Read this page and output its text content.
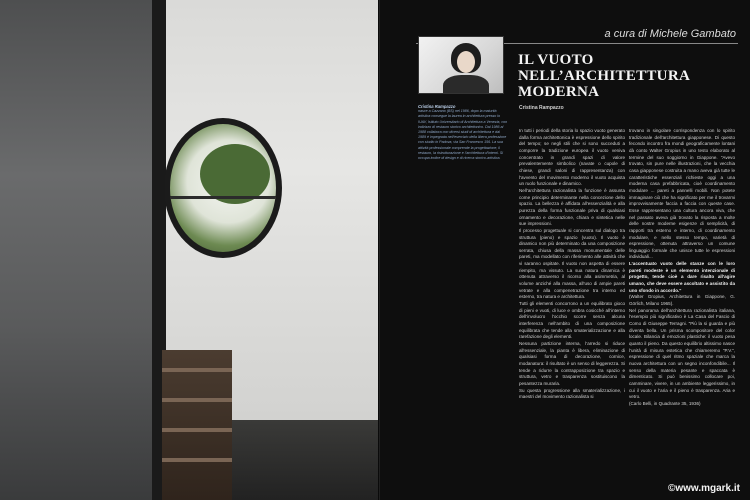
a cura di Michele Gambato
Cristina Rampazzo
nasce a Cazzano (BS) nel 1986, dopo la maturità artistica consegue la laurea in architettura presso lo IUAV, Istituto Universitario di Architettura a Venezia, con indirizzo di restauro storico architettonico. Dal 1986 al 1988 collabora con diversi studi di architettura e dal 1989 è impegnata nell’esercizio della libera professione con studio in Padova, via San Francesco 156. La sua attività professionale comprende la progettazione, il restauro, la ristrutturazione e l’architettura d’interni. Si occupa inoltre di design e di ricerca storico-artistica.
IL VUOTO
NELL’ARCHITETTURA
MODERNA
Cristina Rampazzo

In tutti i periodi della storia lo spazio vuoto generato dalla forma architettonica è espressione dello spirito del tempo; se negli stili che si sono succeduti a comporre la tradizione europea il vuoto veniva concentrato in grandi spazi di valore prevalentemente simbolico (navate o cupole di chiese, grandi saloni di rappresentanza) con l’avvento del movimento moderno il vuoto acquista un ruolo funzionale e dinamico.

Nell’architettura razionalista la funzione è assunta come principio determinante nella concezione dello spazio. La bellezza è affidata all’essenzialità e alla purezza della forma funzionale priva di qualsiasi ornamento e decorazione, chiara e sintetica nelle sue impressioni.

Il processo progettuale si concentra sul dialogo tra struttura (pieno) e spazio (vuoto). Il vuoto è dinamico non più determinato da una composizione serrata, chiusa della massa monumentale delle pareti, ma modellato con riferimento alle attività che vi saranno ospitate. Il vuoto non aspetta di essere riempito, ma vissuto. La sua natura dinamica è ottenuta attraverso il ricorso alla asimmetria, al volume anziché alla massa, all’uso di ampie pareti vetrate e alla compenetrazione tra interno ed esterno, tra natura e architettura.

Tutti gli elementi concorrono a un equilibrato gioco di pieni e vuoti, di luce e ombra cosicché all’interno dell’involucro l’occhio scorre senza alcuna interferenza nell’ambito di una composizione equilibrata che tende alla smaterializzazione e alla rarefazione degli elementi.

Nessuna partizione interna, l’arredo si riduce all’essenziale, la pianta è libera, eliminazione di qualsiasi forma di decorazione, cornice, modanatura: il risultato è un senso di leggerezza. Si tende a ridurre la contrapposizione tra spazio e struttura, vetro e trasparenza sostituiscono la pesantezza muraria.

Su questa progressione alla smaterializzazione, i maestri del movimento razionalista si

trovano in singolare corrispondenza con lo spirito tradizionale dell’architettura giapponese. Di questo fecondo incontro fra mondi geograficamente lontani dà conto Walter Gropius in uno testo elaborato al termine del suo soggiorno in Giappone. "Avevo trovato, sin pure nelle illustrazioni, che la vecchia casa giapponese costruita a mano aveva già tutte le caratteristiche essenziali richieste oggi a una moderna casa prefabbricata, cioè coordinamento modulare ... pareti a pannelli mobili. Non potete immaginare ciò che ha significato per me il trovarmi improvvisamente faccia a faccia con queste case. Esse rappresentano una cultura ancora viva, che nel passato aveva già trovato la risposta a molte delle nostre moderne esigenze di semplicità, di rapporti tra esterno e interno, di coordinamento modulare, e nello stesso tempo, varietà di espressione, ottenuta attraverso un comune linguaggio formale che unisce tutte le espressioni individuali...

L’accentuato vuoto delle stanze con le loro pareti modeste è un elemento intenzionale di progetto, tende cioè a dare risalto all’agire umano, che deve essere ascoltato e assistito da uno sfondo in accordo."

(Walter Gropius, Architettura in Giappone, G. Görlich, Milano 1965).

Nel panorama dell’architettura razionalista italiana, l’esempio più significativo è La Casa del Fascio di Como di Giuseppe Terragni. "Più la si guarda e più diventa bella. Un prisma scompositore del color locale. Bilancia di emozioni plastiche: il vuoto pesa quanto il pieno. Da questo equilibrio altissimo nasce l’unità di misura estetica che chiameremo "P.V.", espressione di quel ritmo spaziale che marca la nuova architettura con un segno inconfondibile... Il senso della materia pesante e spaccata è dimenticato. Si può benissimo collocare poi, camminare, vivere, in un ambiente leggerissimo, in cui il vuoto e l’aria e il pieno è trasparenza. Aria e vetro.

(Carlo Belli, in Quadrante 35, 1936)

©www.mgark.it
